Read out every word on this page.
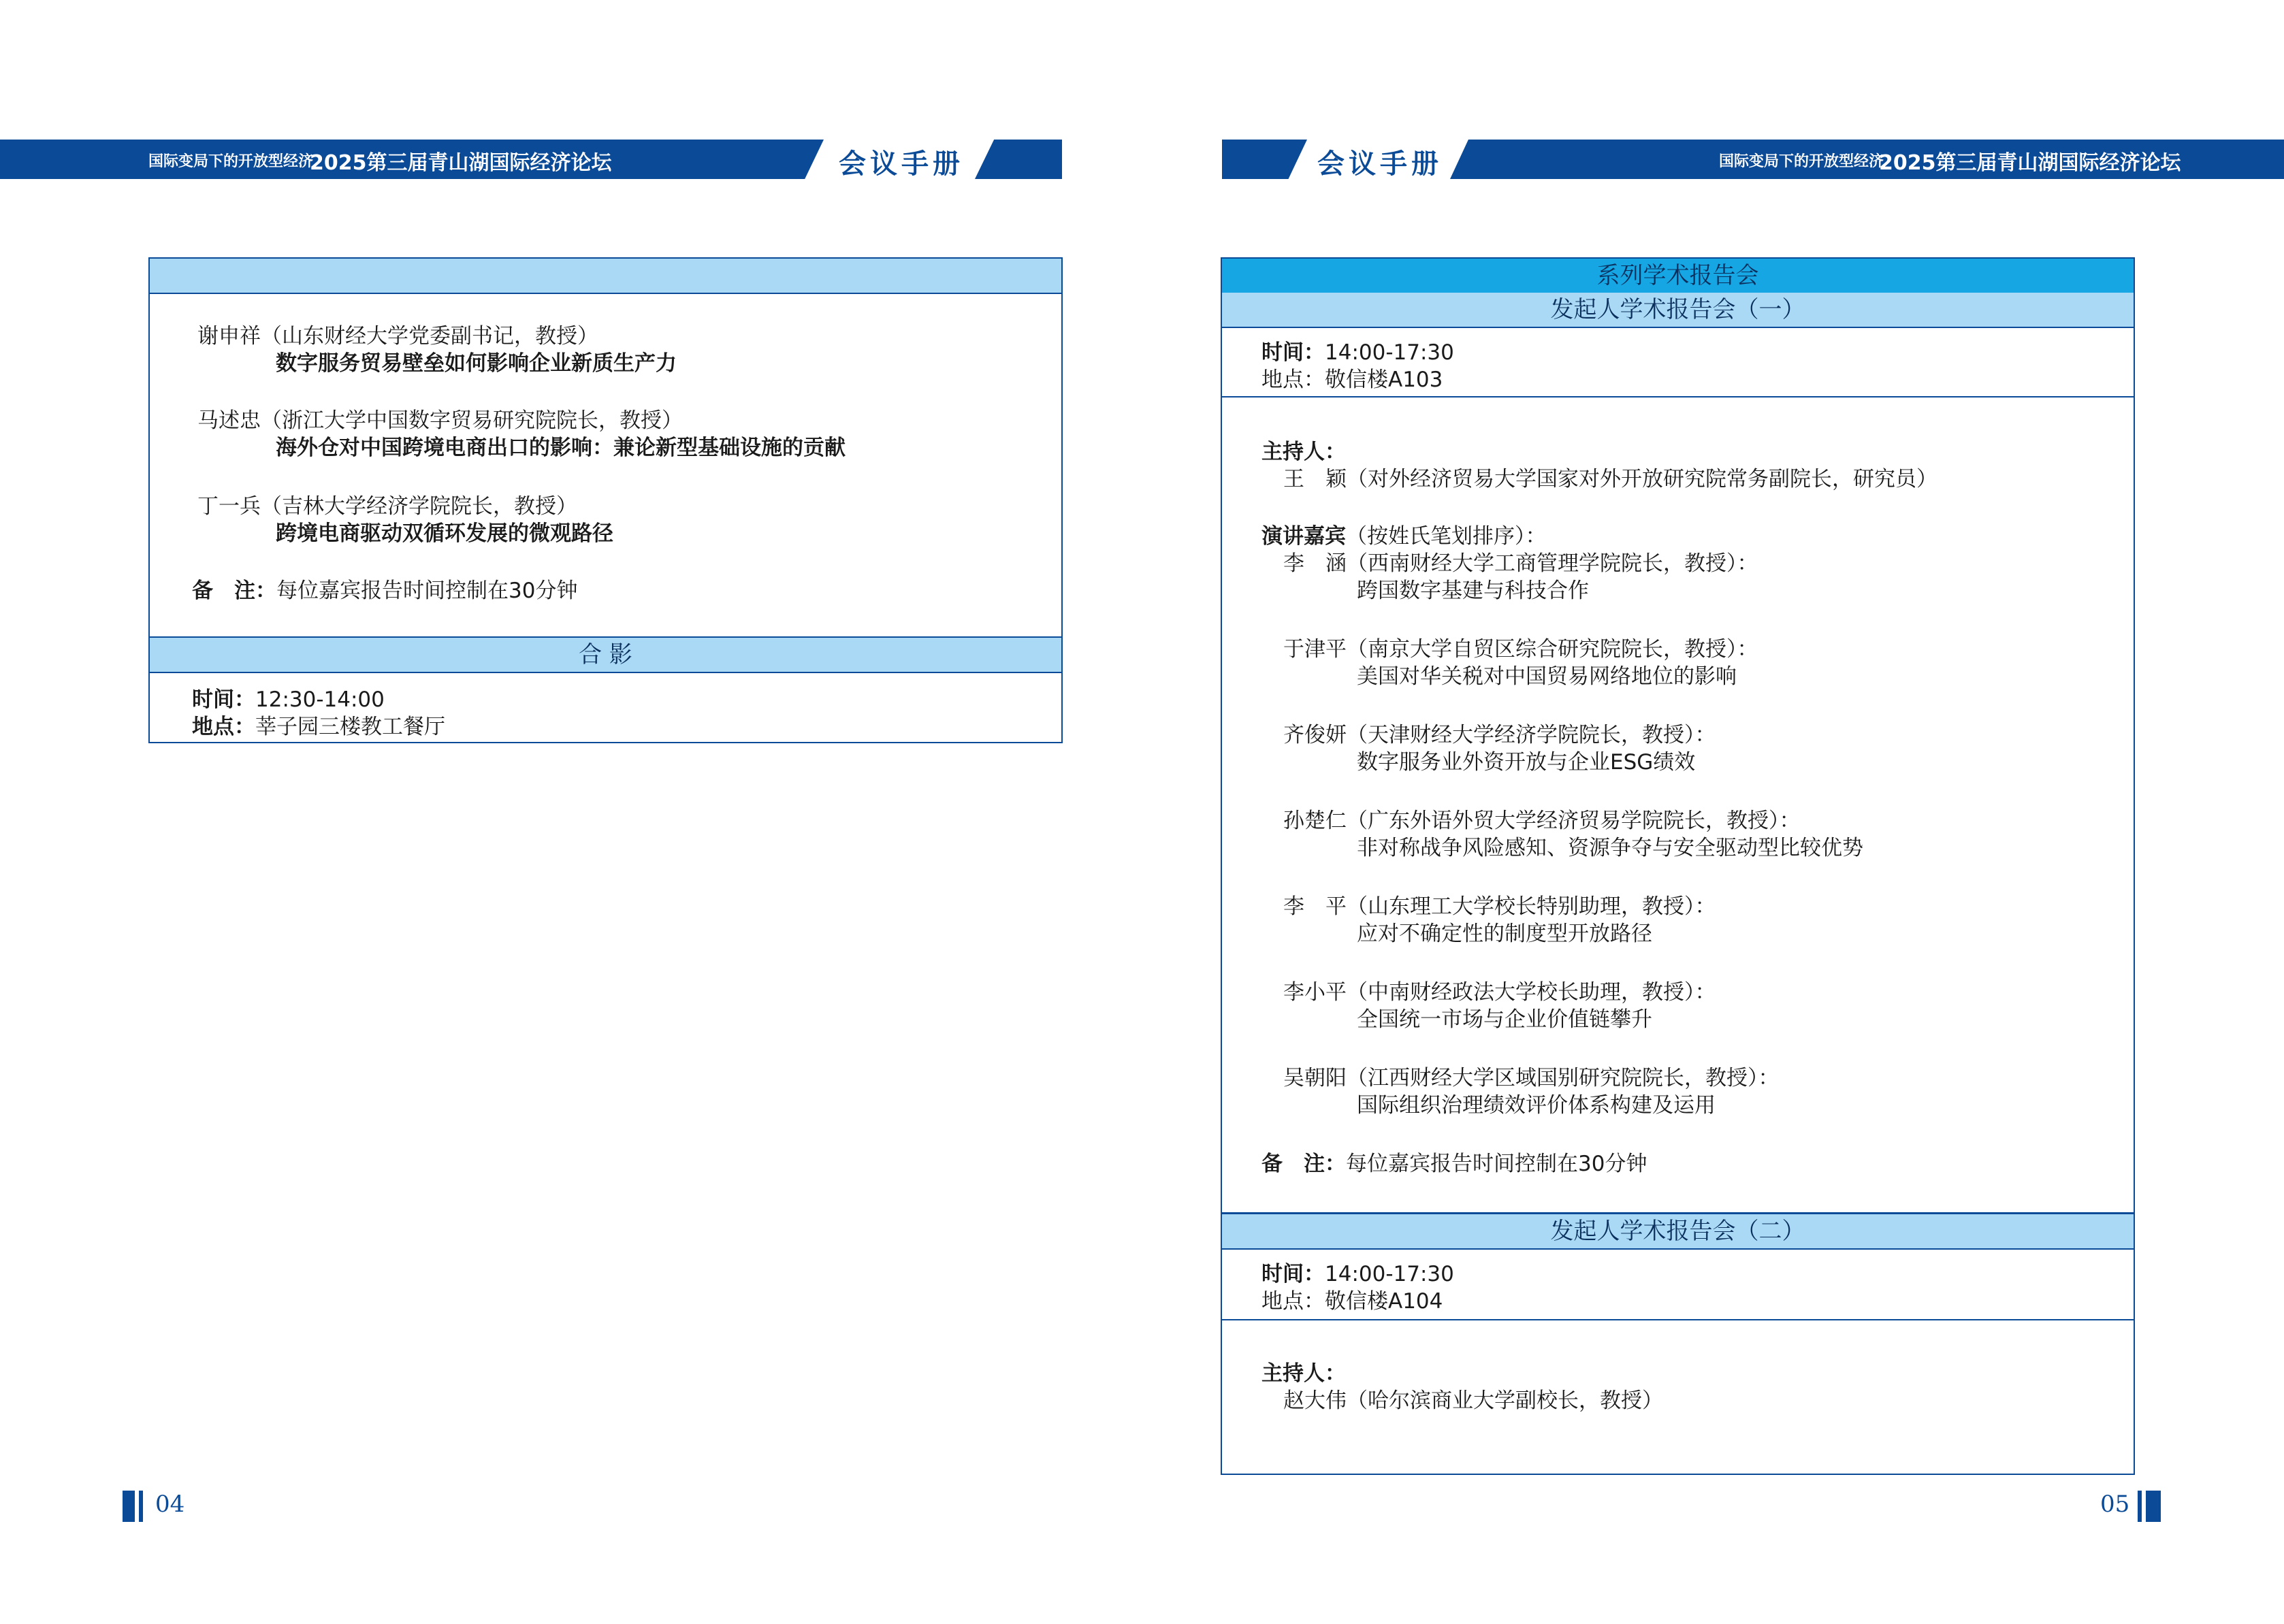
国际变局下的开放型经济
2025第三届青山湖国际经济论坛	会议手册	会议手册	国际变局下的开放型经济
2025第三届青山湖国际经济论坛
谢申祥（山东财经大学党委副书记，教授）
数字服务贸易壁垒如何影响企业新质生产力
马述忠（浙江大学中国数字贸易研究院院长，教授）
海外仓对中国跨境电商出口的影响：兼论新型基础设施的贡献
丁一兵（吉林大学经济学院院长，教授）
跨境电商驱动双循环发展的微观路径
备　注：每位嘉宾报告时间控制在30分钟
合 影
时间：12:30-14:00
地点：莘子园三楼教工餐厅
系列学术报告会
发起人学术报告会（一）
时间：14:00-17:30
地点：敬信楼A103
主持人：
王　颖（对外经济贸易大学国家对外开放研究院常务副院长，研究员）
演讲嘉宾（按姓氏笔划排序）：
李　涵（西南财经大学工商管理学院院长，教授）：
跨国数字基建与科技合作
于津平（南京大学自贸区综合研究院院长，教授）：
美国对华关税对中国贸易网络地位的影响
齐俊妍（天津财经大学经济学院院长，教授）：
数字服务业外资开放与企业ESG绩效
孙楚仁（广东外语外贸大学经济贸易学院院长，教授）：
非对称战争风险感知、资源争夺与安全驱动型比较优势
李　平（山东理工大学校长特别助理，教授）：
应对不确定性的制度型开放路径
李小平（中南财经政法大学校长助理，教授）：
全国统一市场与企业价值链攀升
吴朝阳（江西财经大学区域国别研究院院长，教授）：
国际组织治理绩效评价体系构建及运用
备　注：每位嘉宾报告时间控制在30分钟
发起人学术报告会（二）
时间：14:00-17:30
地点：敬信楼A104
主持人：
赵大伟（哈尔滨商业大学副校长，教授）
04	05
